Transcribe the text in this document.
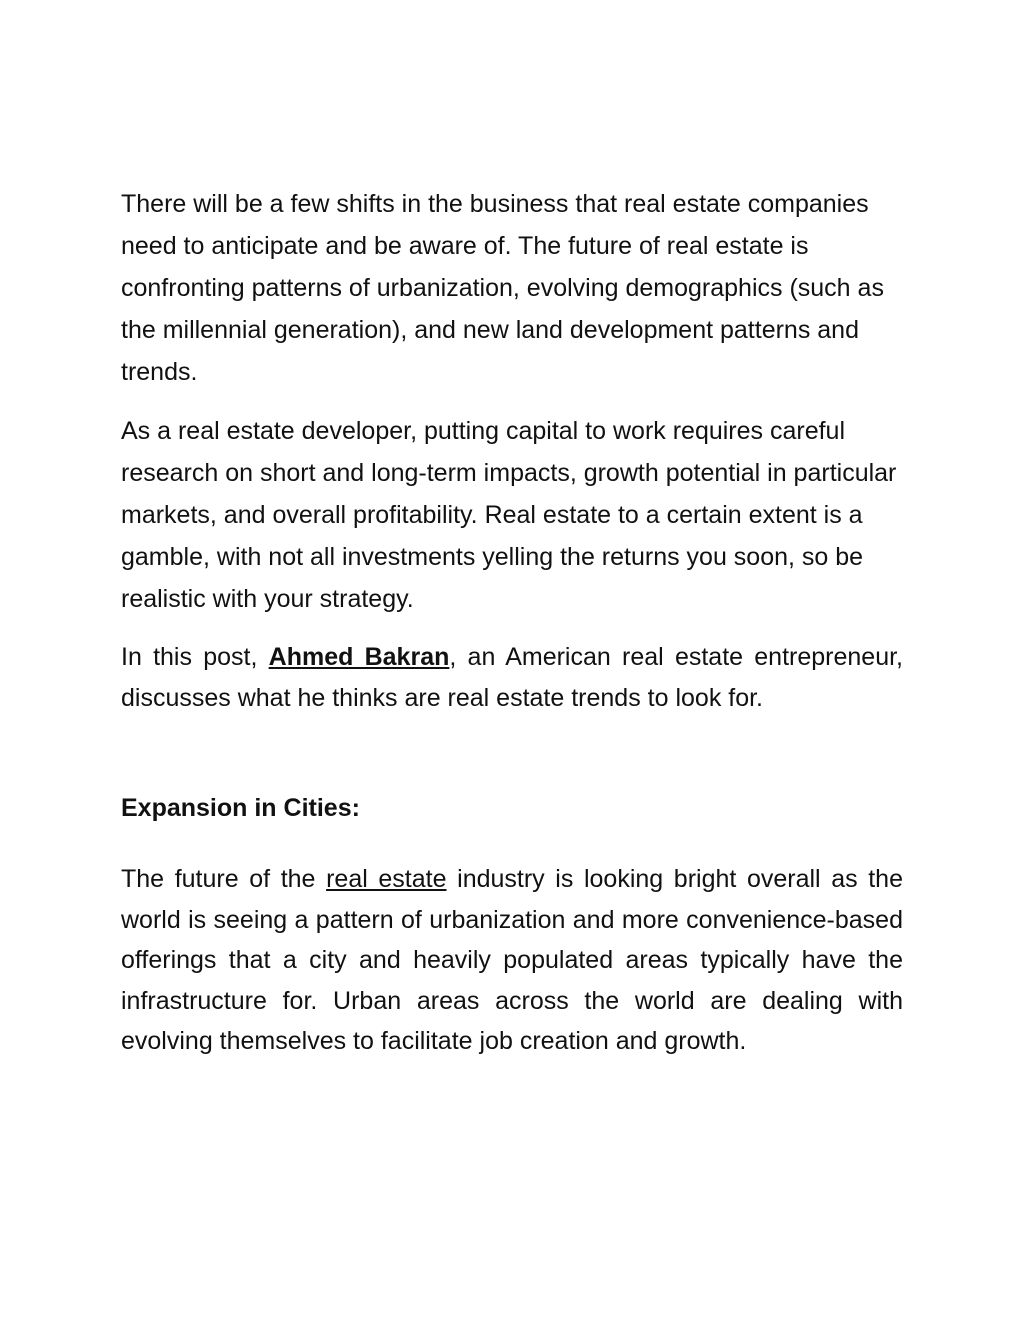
There will be a few shifts in the business that real estate companies need to anticipate and be aware of. The future of real estate is confronting patterns of urbanization, evolving demographics (such as the millennial generation), and new land development patterns and trends.

As a real estate developer, putting capital to work requires careful research on short and long-term impacts, growth potential in particular markets, and overall profitability. Real estate to a certain extent is a gamble, with not all investments yelling the returns you soon, so be realistic with your strategy.

In this post, Ahmed Bakran, an American real estate entrepreneur, discusses what he thinks are real estate trends to look for.

Expansion in Cities:

The future of the real estate industry is looking bright overall as the world is seeing a pattern of urbanization and more convenience-based offerings that a city and heavily populated areas typically have the infrastructure for. Urban areas across the world are dealing with evolving themselves to facilitate job creation and growth.
